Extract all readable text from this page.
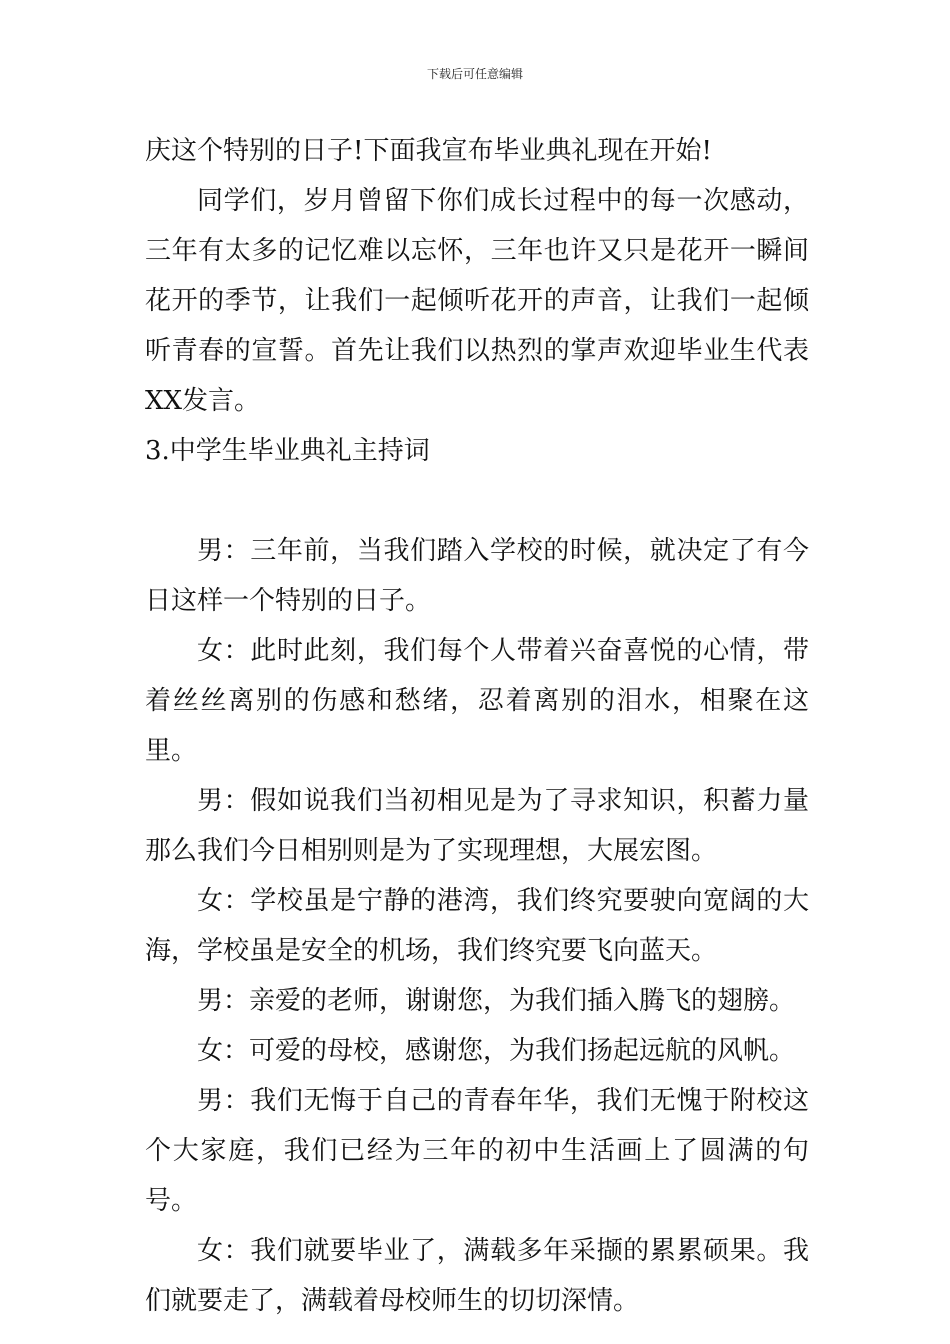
下载后可任意编辑

庆这个特别的日子!下面我宣布毕业典礼现在开始!

同学们，岁月曾留下你们成长过程中的每一次感动，三年有太多的记忆难以忘怀，三年也许又只是花开一瞬间花开的季节，让我们一起倾听花开的声音，让我们一起倾听青春的宣誓。首先让我们以热烈的掌声欢迎毕业生代表XX发言。

3.中学生毕业典礼主持词

男：三年前，当我们踏入学校的时候，就决定了有今日这样一个特别的日子。

女：此时此刻，我们每个人带着兴奋喜悦的心情，带着丝丝离别的伤感和愁绪，忍着离别的泪水，相聚在这里。

男：假如说我们当初相见是为了寻求知识，积蓄力量那么我们今日相别则是为了实现理想，大展宏图。

女：学校虽是宁静的港湾，我们终究要驶向宽阔的大海，学校虽是安全的机场，我们终究要飞向蓝天。

男：亲爱的老师，谢谢您，为我们插入腾飞的翅膀。

女：可爱的母校，感谢您，为我们扬起远航的风帆。

男：我们无悔于自己的青春年华，我们无愧于附校这个大家庭，我们已经为三年的初中生活画上了圆满的句号。

女：我们就要毕业了，满载多年采撷的累累硕果。我们就要走了，满载着母校师生的切切深情。
